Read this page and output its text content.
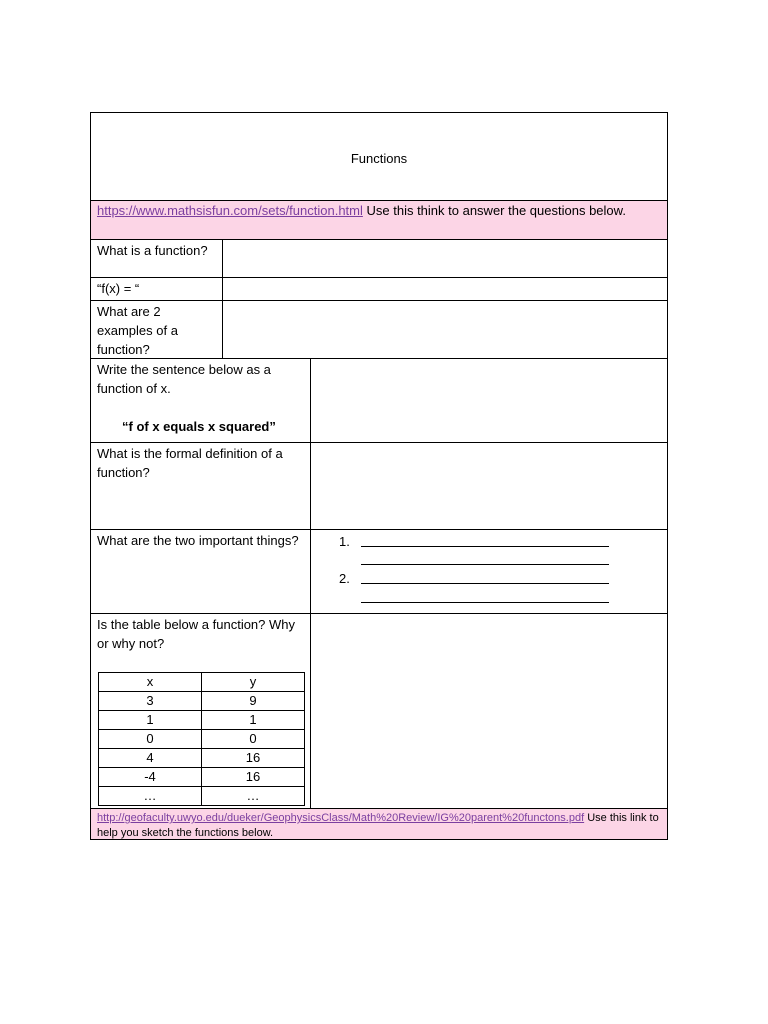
Functions
https://www.mathsisfun.com/sets/function.html Use this think to answer the questions below.
What is a function?
“f(x) = “
What are 2 examples of a function?
Write the sentence below as a function of x.
“f of x equals x squared”
What is the formal definition of a function?
What are the two important things?	1.
2.
Is the table below a function? Why or why not?
x	y
3	9
1	1
0	0
4	16
-4	16
…	…
http://geofaculty.uwyo.edu/dueker/GeophysicsClass/Math%20Review/IG%20parent%20functons.pdf Use this link to help you sketch the functions below.
